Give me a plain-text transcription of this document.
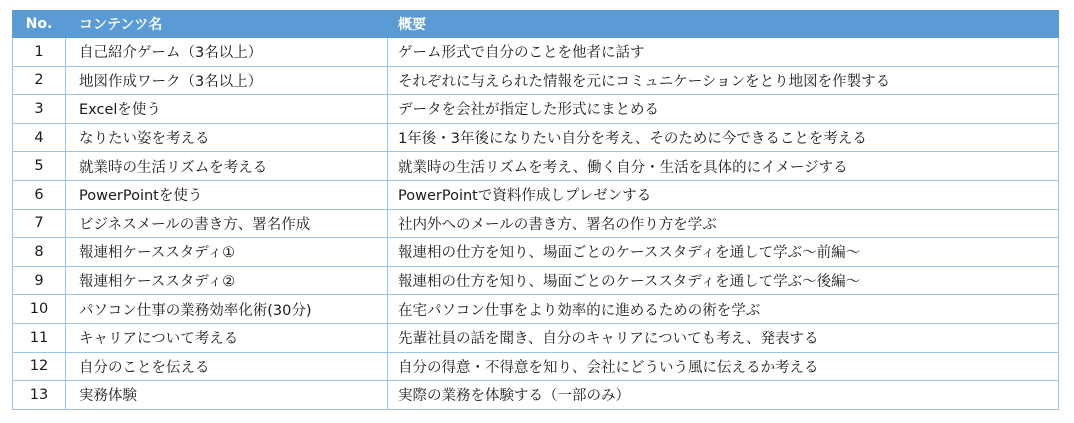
No.	コンテンツ名	概要
1	自己紹介ゲーム（3名以上）	ゲーム形式で自分のことを他者に話す
2	地図作成ワーク（3名以上）	それぞれに与えられた情報を元にコミュニケーションをとり地図を作製する
3	Excelを使う	データを会社が指定した形式にまとめる
4	なりたい姿を考える	1年後・3年後になりたい自分を考え、そのために今できることを考える
5	就業時の生活リズムを考える	就業時の生活リズムを考え、働く自分・生活を具体的にイメージする
6	PowerPointを使う	PowerPointで資料作成しプレゼンする
7	ビジネスメールの書き方、署名作成	社内外へのメールの書き方、署名の作り方を学ぶ
8	報連相ケーススタディ①	報連相の仕方を知り、場面ごとのケーススタディを通して学ぶ～前編～
9	報連相ケーススタディ②	報連相の仕方を知り、場面ごとのケーススタディを通して学ぶ～後編～
10	パソコン仕事の業務効率化術(30分)	在宅パソコン仕事をより効率的に進めるための術を学ぶ
11	キャリアについて考える	先輩社員の話を聞き、自分のキャリアについても考え、発表する
12	自分のことを伝える	自分の得意・不得意を知り、会社にどういう風に伝えるか考える
13	実務体験	実際の業務を体験する（一部のみ）
